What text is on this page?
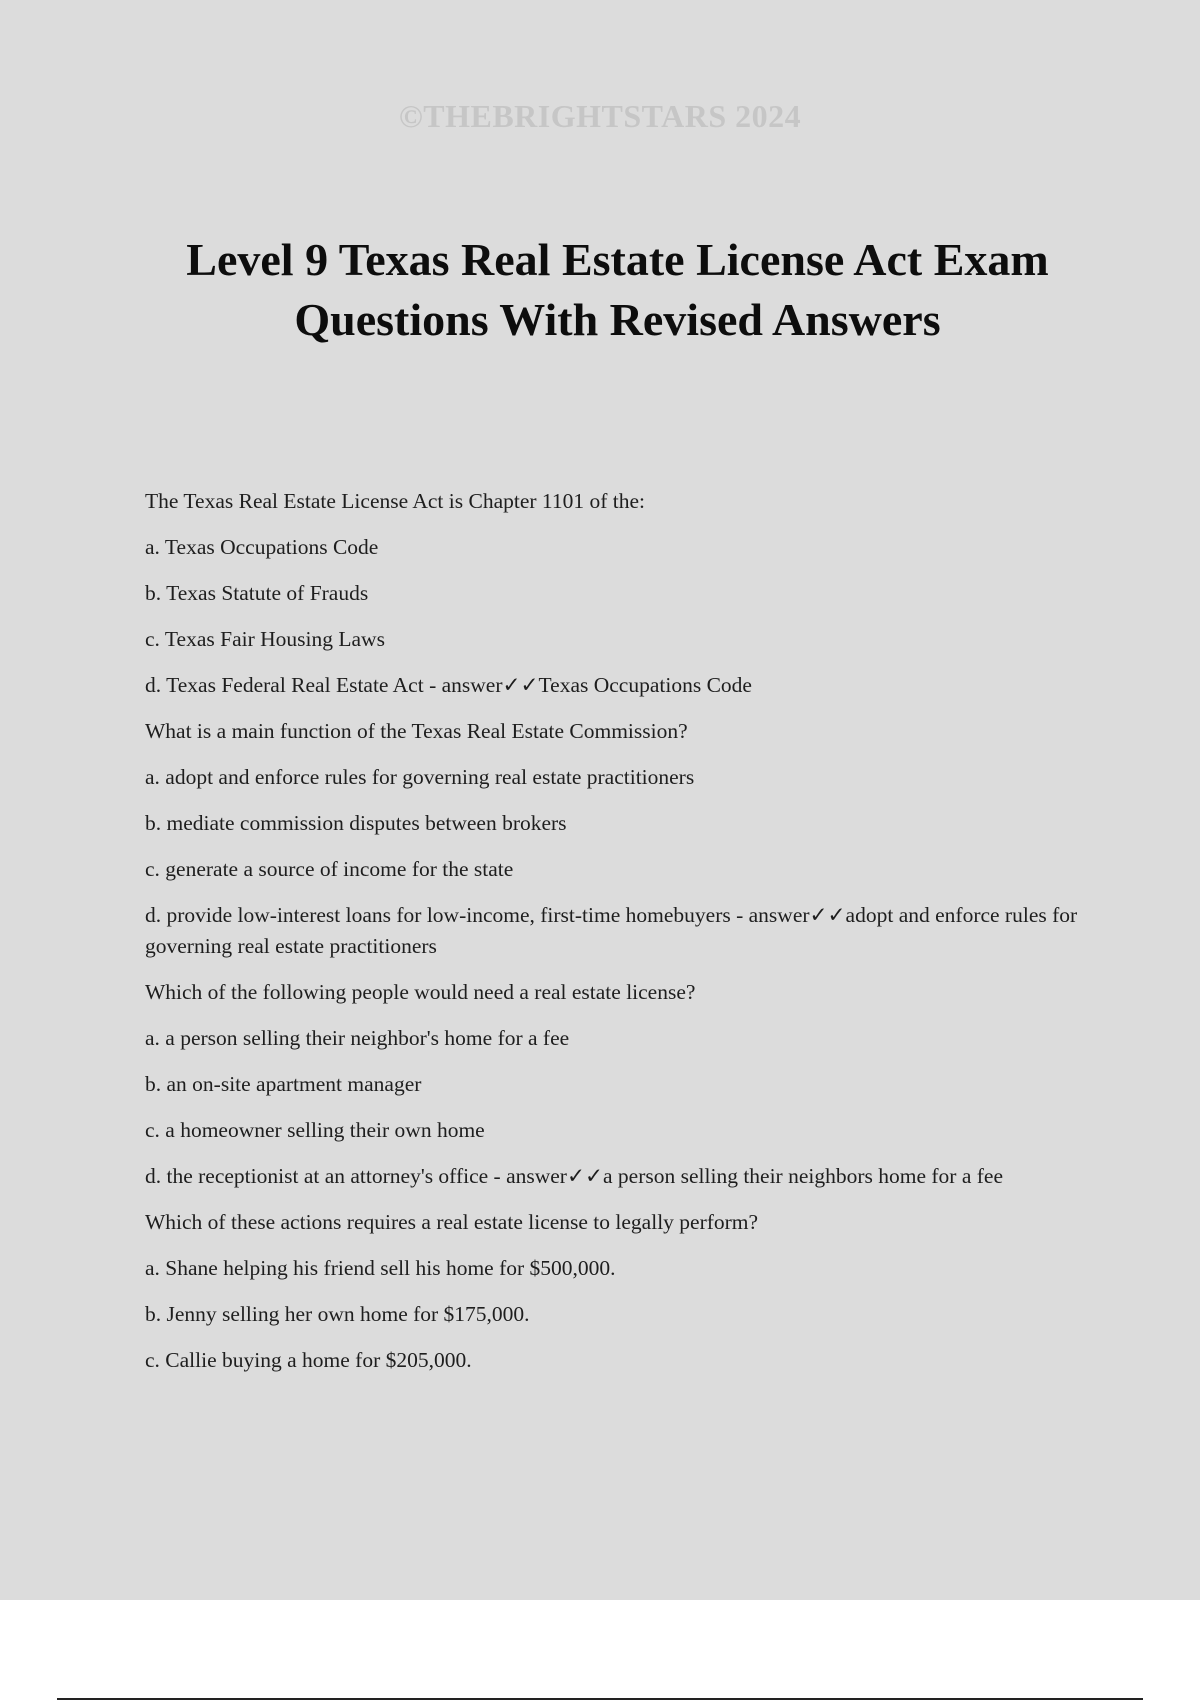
©THEBRIGHTSTARS 2024
Level 9 Texas Real Estate License Act Exam Questions With Revised Answers

The Texas Real Estate License Act is Chapter 1101 of the:

a. Texas Occupations Code

b. Texas Statute of Frauds

c. Texas Fair Housing Laws

d. Texas Federal Real Estate Act - answer✓✓Texas Occupations Code

What is a main function of the Texas Real Estate Commission?

a. adopt and enforce rules for governing real estate practitioners

b. mediate commission disputes between brokers

c. generate a source of income for the state

d. provide low-interest loans for low-income, first-time homebuyers - answer✓✓adopt and enforce rules for governing real estate practitioners

Which of the following people would need a real estate license?

a. a person selling their neighbor's home for a fee

b. an on-site apartment manager

c. a homeowner selling their own home

d. the receptionist at an attorney's office - answer✓✓a person selling their neighbors home for a fee

Which of these actions requires a real estate license to legally perform?

a. Shane helping his friend sell his home for $500,000.

b. Jenny selling her own home for $175,000.

c. Callie buying a home for $205,000.
